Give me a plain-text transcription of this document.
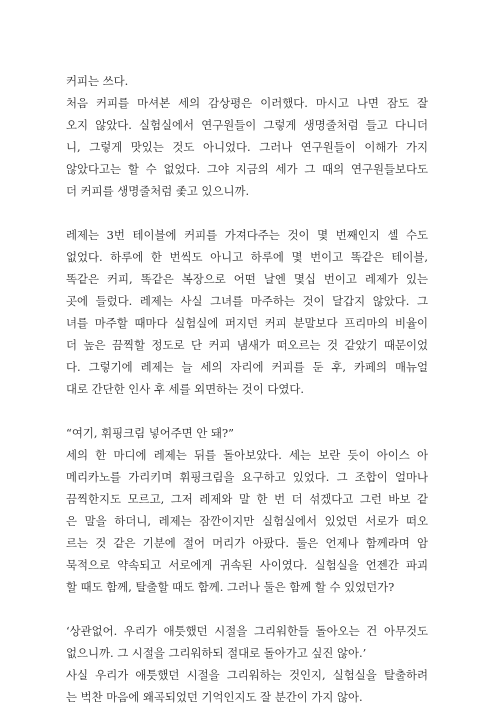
커피는 쓰다.
처음 커피를 마셔본 세의 감상평은 이러했다. 마시고 나면 잠도 잘
오지 않았다. 실험실에서 연구원들이 그렇게 생명줄처럼 들고 다니더
니, 그렇게 맛있는 것도 아니었다. 그러나 연구원들이 이해가 가지
않았다고는 할 수 없었다. 그야 지금의 세가 그 때의 연구원들보다도
더 커피를 생명줄처럼 좇고 있으니까.
레제는 3번 테이블에 커피를 가져다주는 것이 몇 번째인지 셀 수도
없었다. 하루에 한 번씩도 아니고 하루에 몇 번이고 똑같은 테이블,
똑같은 커피, 똑같은 복장으로 어떤 날엔 몇십 번이고 레제가 있는
곳에 들렀다. 레제는 사실 그녀를 마주하는 것이 달갑지 않았다. 그
녀를 마주할 때마다 실험실에 퍼지던 커피 분말보다 프리마의 비율이
더 높은 끔찍할 정도로 단 커피 냄새가 떠오르는 것 같았기 때문이었
다. 그렇기에 레제는 늘 세의 자리에 커피를 둔 후, 카페의 매뉴얼
대로 간단한 인사 후 세를 외면하는 것이 다였다.
“여기, 휘핑크림 넣어주면 안 돼?”
세의 한 마디에 레제는 뒤를 돌아보았다. 세는 보란 듯이 아이스 아
메리카노를 가리키며 휘핑크림을 요구하고 있었다. 그 조합이 얼마나
끔찍한지도 모르고, 그저 레제와 말 한 번 더 섞겠다고 그런 바보 같
은 말을 하더니, 레제는 잠깐이지만 실험실에서 있었던 서로가 떠오
르는 것 같은 기분에 절어 머리가 아팠다. 둘은 언제나 함께라며 암
묵적으로 약속되고 서로에게 귀속된 사이였다. 실험실을 언젠간 파괴
할 때도 함께, 탈출할 때도 함께. 그러나 둘은 함께 할 수 있었던가?
‘상관없어. 우리가 애틋했던 시절을 그리워한들 돌아오는 건 아무것도
없으니까. 그 시절을 그리워하되 절대로 돌아가고 싶진 않아.’
사실 우리가 애틋했던 시절을 그리워하는 것인지, 실험실을 탈출하려
는 벅찬 마음에 왜곡되었던 기억인지도 잘 분간이 가지 않아.
